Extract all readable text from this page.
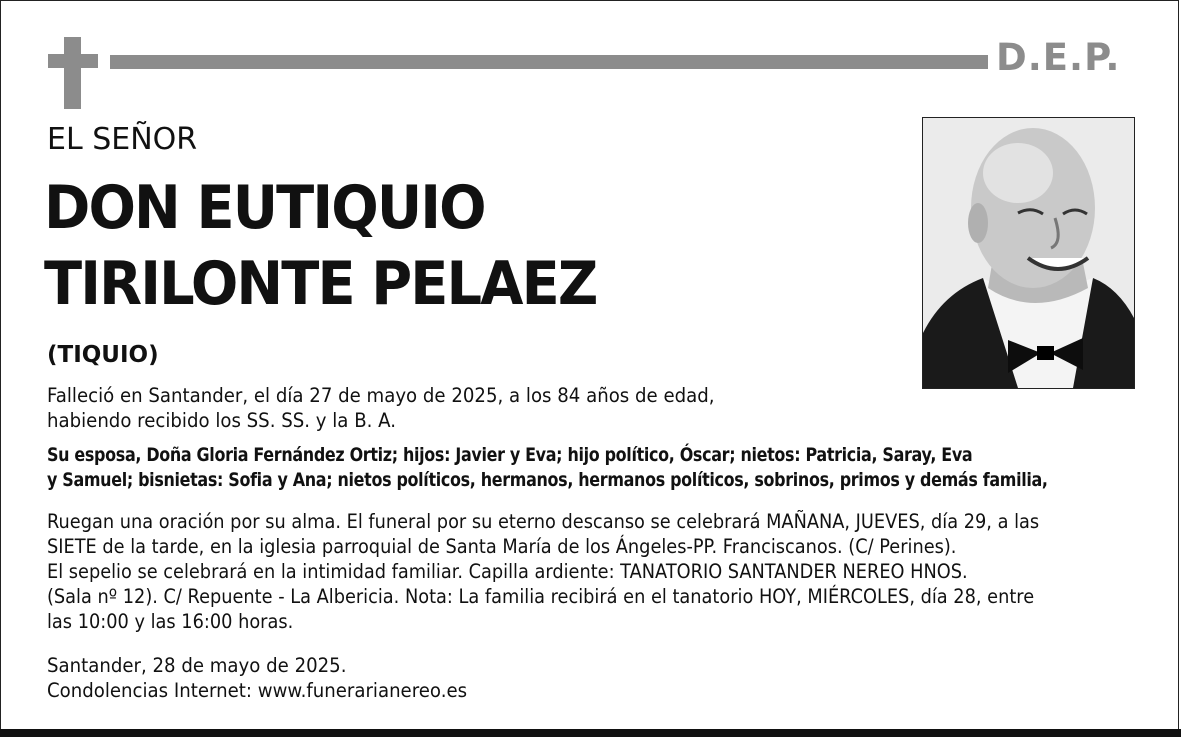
D.E.P.
EL SEÑOR
DON EUTIQUIO
TIRILONTE PELAEZ
(TIQUIO)
Falleció en Santander, el día 27 de mayo de 2025, a los 84 años de edad,
habiendo recibido los SS. SS. y la B. A.
Su esposa, Doña Gloria Fernández Ortiz; hijos: Javier y Eva; hijo político, Óscar; nietos: Patricia, Saray, Eva
y Samuel; bisnietas: Sofia y Ana; nietos políticos, hermanos, hermanos políticos, sobrinos, primos y demás familia,
Ruegan una oración por su alma. El funeral por su eterno descanso se celebrará MAÑANA, JUEVES, día 29, a las
SIETE de la tarde, en la iglesia parroquial de Santa María de los Ángeles-PP. Franciscanos. (C/ Perines).
El sepelio se celebrará en la intimidad familiar. Capilla ardiente: TANATORIO SANTANDER NEREO HNOS.
(Sala nº 12). C/ Repuente - La Albericia. Nota: La familia recibirá en el tanatorio HOY, MIÉRCOLES, día 28, entre
las 10:00 y las 16:00 horas.
Santander, 28 de mayo de 2025.
Condolencias Internet: www.funerarianereo.es
